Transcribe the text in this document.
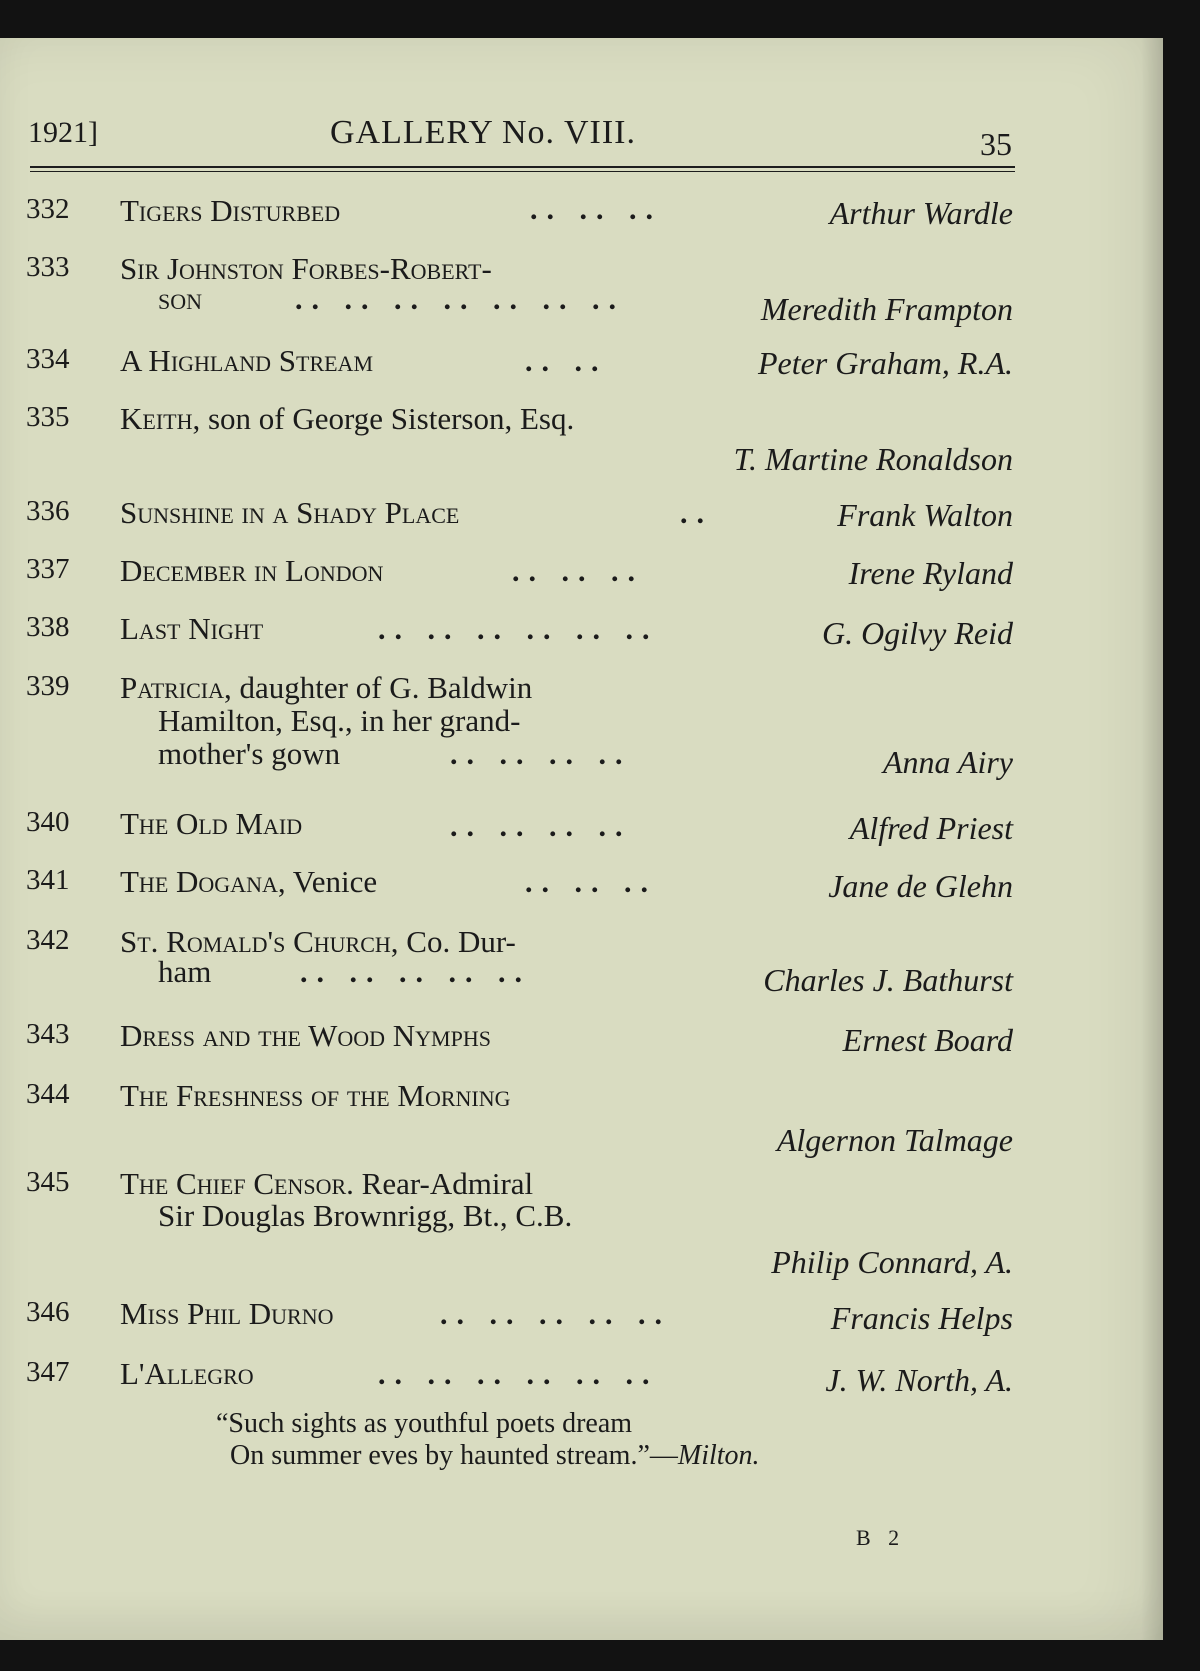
1921]	GALLERY No. VIII.	35
332 Tigers Disturbed	.. .. ..	Arthur Wardle
333 Sir Johnston Forbes-Robert-
son	.. .. .. .. .. .. ..	Meredith Frampton
334 A Highland Stream	.. ..	Peter Graham, R.A.
335 Keith, son of George Sisterson, Esq.
T. Martine Ronaldson
336 Sunshine in a Shady Place	..	Frank Walton
337 December in London	.. .. ..	Irene Ryland
338 Last Night	.. .. .. .. .. ..	G. Ogilvy Reid
339 Patricia, daughter of G. Baldwin
Hamilton, Esq., in her grand-
mother's gown	.. .. .. ..	Anna Airy
340 The Old Maid	.. .. .. ..	Alfred Priest
341 The Dogana, Venice	.. .. ..	Jane de Glehn
342 St. Romald's Church, Co. Dur-
ham	.. .. .. .. ..	Charles J. Bathurst
343 Dress and the Wood Nymphs	Ernest Board
344 The Freshness of the Morning
Algernon Talmage
345 The Chief Censor. Rear-Admiral
Sir Douglas Brownrigg, Bt., C.B.
Philip Connard, A.
346 Miss Phil Durno	.. .. .. .. ..	Francis Helps
347 L'Allegro	.. .. .. .. .. ..	J. W. North, A.
“Such sights as youthful poets dream
On summer eves by haunted stream.”—Milton.
B 2
